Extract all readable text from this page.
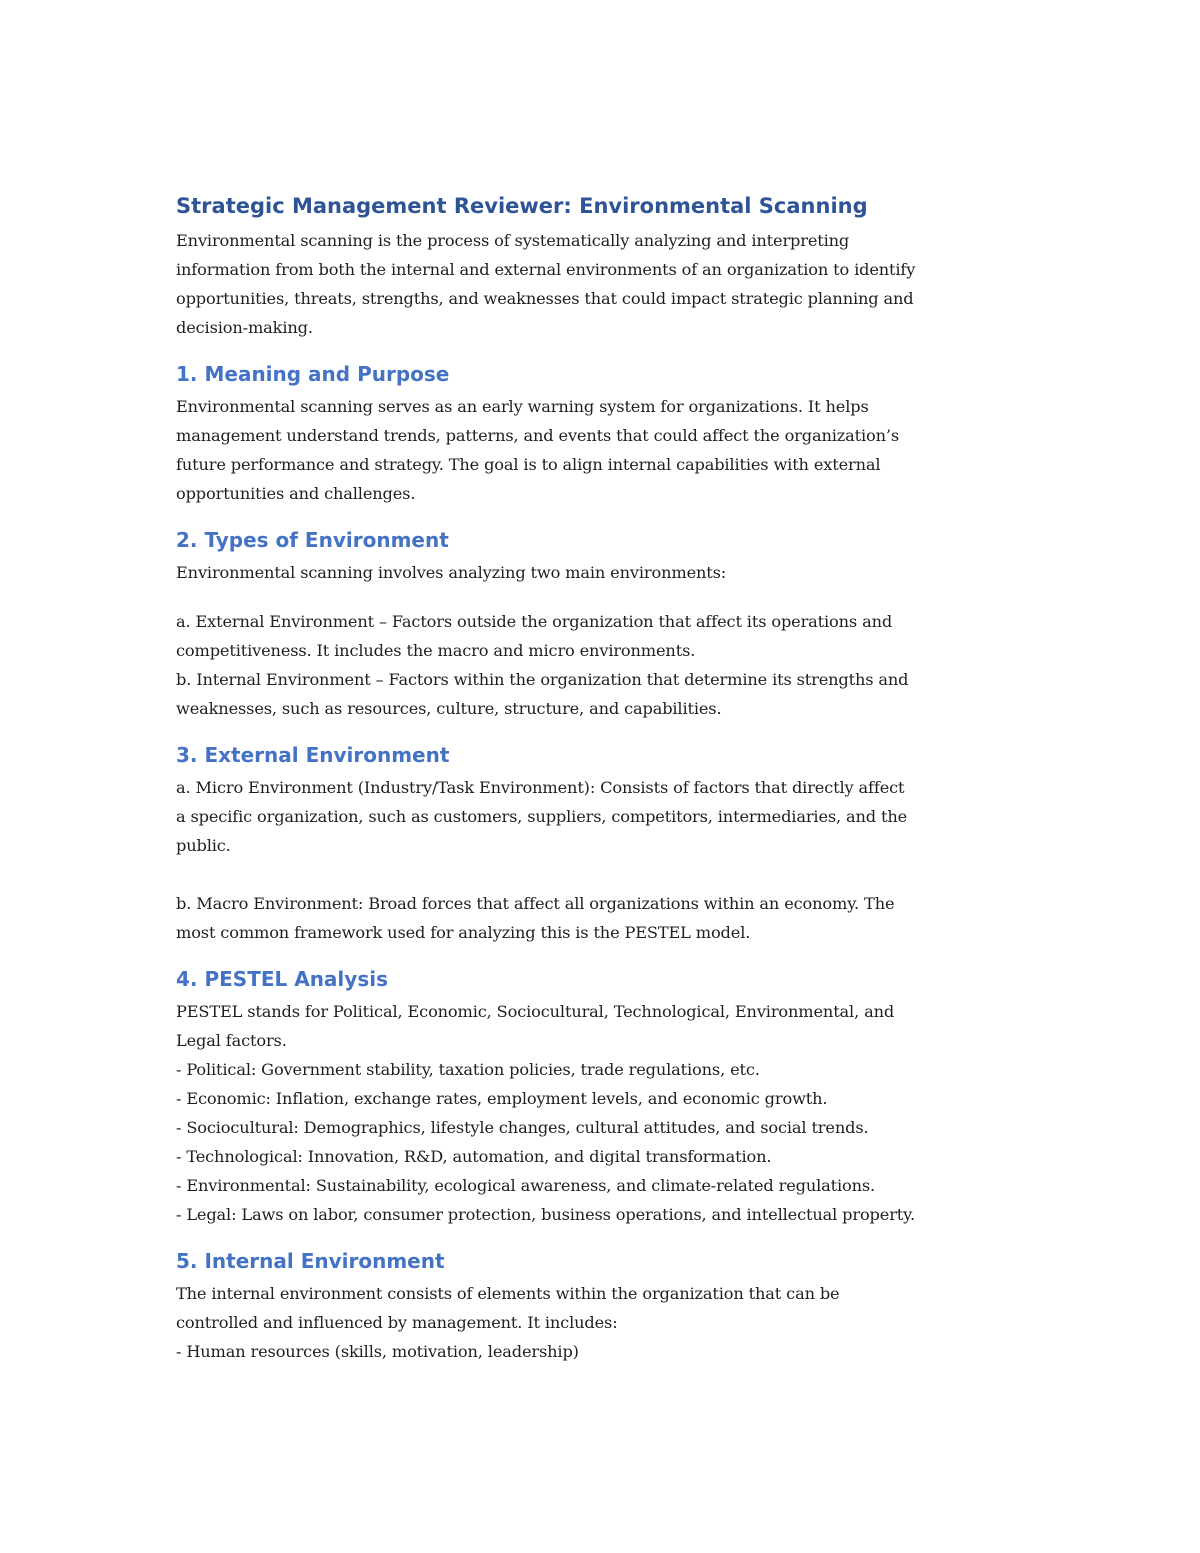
Strategic Management Reviewer: Environmental Scanning
Environmental scanning is the process of systematically analyzing and interpreting
information from both the internal and external environments of an organization to identify
opportunities, threats, strengths, and weaknesses that could impact strategic planning and
decision-making.
1. Meaning and Purpose
Environmental scanning serves as an early warning system for organizations. It helps
management understand trends, patterns, and events that could affect the organization’s
future performance and strategy. The goal is to align internal capabilities with external
opportunities and challenges.
2. Types of Environment
Environmental scanning involves analyzing two main environments:
a. External Environment – Factors outside the organization that affect its operations and
competitiveness. It includes the macro and micro environments.
b. Internal Environment – Factors within the organization that determine its strengths and
weaknesses, such as resources, culture, structure, and capabilities.
3. External Environment
a. Micro Environment (Industry/Task Environment): Consists of factors that directly affect
a specific organization, such as customers, suppliers, competitors, intermediaries, and the
public.
b. Macro Environment: Broad forces that affect all organizations within an economy. The
most common framework used for analyzing this is the PESTEL model.
4. PESTEL Analysis
PESTEL stands for Political, Economic, Sociocultural, Technological, Environmental, and
Legal factors.
- Political: Government stability, taxation policies, trade regulations, etc.
- Economic: Inflation, exchange rates, employment levels, and economic growth.
- Sociocultural: Demographics, lifestyle changes, cultural attitudes, and social trends.
- Technological: Innovation, R&D, automation, and digital transformation.
- Environmental: Sustainability, ecological awareness, and climate-related regulations.
- Legal: Laws on labor, consumer protection, business operations, and intellectual property.
5. Internal Environment
The internal environment consists of elements within the organization that can be
controlled and influenced by management. It includes:
- Human resources (skills, motivation, leadership)
